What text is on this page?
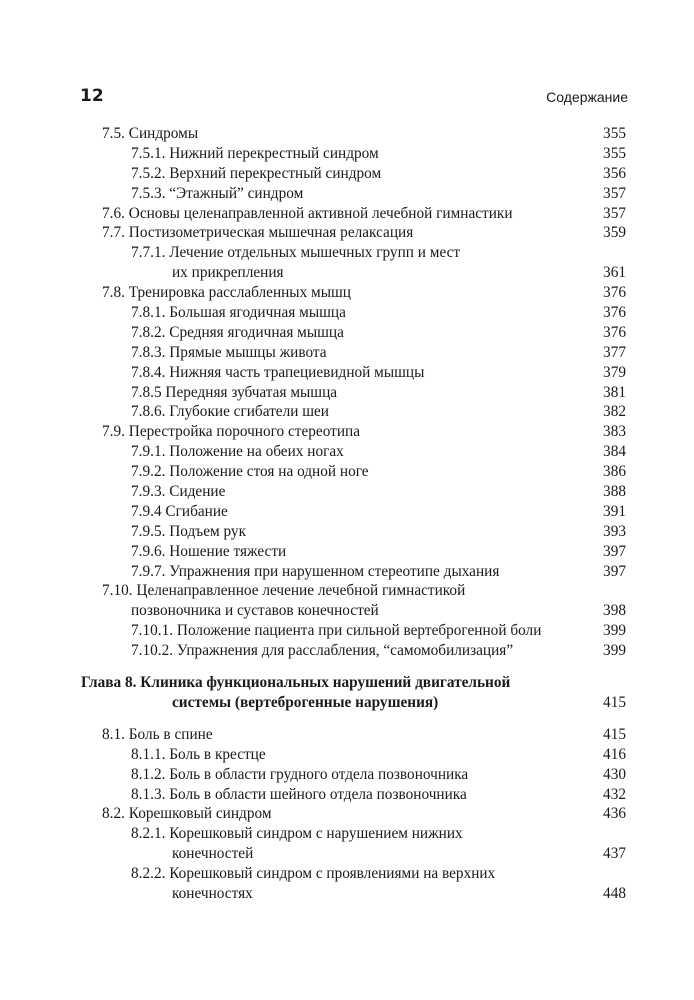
12	Содержание
7.5. Синдромы	355
7.5.1. Нижний перекрестный синдром	355
7.5.2. Верхний перекрестный синдром	356
7.5.3. “Этажный” синдром	357
7.6. Основы целенаправленной активной лечебной гимнастики	357
7.7. Постизометрическая мышечная релаксация	359
7.7.1. Лечение отдельных мышечных групп и мест
их прикрепления	361
7.8. Тренировка расслабленных мышц	376
7.8.1. Большая ягодичная мышца	376
7.8.2. Средняя ягодичная мышца	376
7.8.3. Прямые мышцы живота	377
7.8.4. Нижняя часть трапециевидной мышцы	379
7.8.5 Передняя зубчатая мышца	381
7.8.6. Глубокие сгибатели шеи	382
7.9. Перестройка порочного стереотипа	383
7.9.1. Положение на обеих ногах	384
7.9.2. Положение стоя на одной ноге	386
7.9.3. Сидение	388
7.9.4 Сгибание	391
7.9.5. Подъем рук	393
7.9.6. Ношение тяжести	397
7.9.7. Упражнения при нарушенном стереотипе дыхания	397
7.10. Целенаправленное лечение лечебной гимнастикой
позвоночника и суставов конечностей	398
7.10.1. Положение пациента при сильной вертеброгенной боли	399
7.10.2. Упражнения для расслабления, “самомобилизация”	399
Глава 8. Клиника функциональных нарушений двигательной
системы (вертеброгенные нарушения)	415
8.1. Боль в спине	415
8.1.1. Боль в крестце	416
8.1.2. Боль в области грудного отдела позвоночника	430
8.1.3. Боль в области шейного отдела позвоночника	432
8.2. Корешковый синдром	436
8.2.1. Корешковый синдром с нарушением нижних
конечностей	437
8.2.2. Корешковый синдром с проявлениями на верхних
конечностях	448
